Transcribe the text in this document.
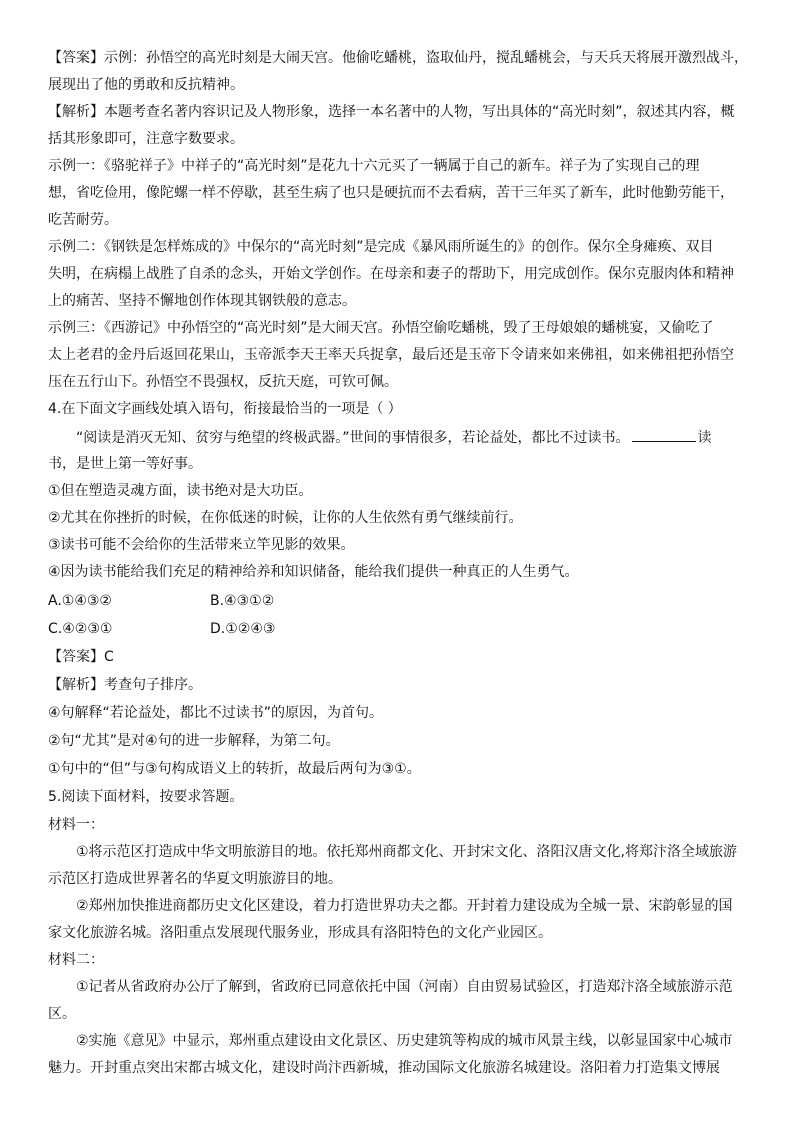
【答案】示例：孙悟空的高光时刻是大闹天宫。他偷吃蟠桃，盗取仙丹，搅乱蟠桃会，与天兵天将展开激烈战斗，
展现出了他的勇敢和反抗精神。
【解析】本题考查名著内容识记及人物形象，选择一本名著中的人物，写出具体的“高光时刻”，叙述其内容，概
括其形象即可，注意字数要求。
示例一：《骆驼祥子》中祥子的“高光时刻”是花九十六元买了一辆属于自己的新车。祥子为了实现自己的理
想，省吃俭用，像陀螺一样不停歇，甚至生病了也只是硬抗而不去看病，苦干三年买了新车，此时他勤劳能干，
吃苦耐劳。
示例二：《钢铁是怎样炼成的》中保尔的“高光时刻”是完成《暴风雨所诞生的》的创作。保尔全身瘫痪、双目
失明，在病榻上战胜了自杀的念头，开始文学创作。在母亲和妻子的帮助下，用完成创作。保尔克服肉体和精神
上的痛苦、坚持不懈地创作体现其钢铁般的意志。
示例三：《西游记》中孙悟空的“高光时刻”是大闹天宫。孙悟空偷吃蟠桃，毁了王母娘娘的蟠桃宴，又偷吃了
太上老君的金丹后返回花果山，玉帝派李天王率天兵捉拿，最后还是玉帝下令请来如来佛祖，如来佛祖把孙悟空
压在五行山下。孙悟空不畏强权，反抗天庭，可钦可佩。
4.在下面文字画线处填入语句，衔接最恰当的一项是（ ）
“阅读是消灭无知、贫穷与绝望的终极武器。”世间的事情很多，若论益处，都比不过读书。	读
书，是世上第一等好事。
①但在塑造灵魂方面，读书绝对是大功臣。
②尤其在你挫折的时候，在你低迷的时候，让你的人生依然有勇气继续前行。
③读书可能不会给你的生活带来立竿见影的效果。
④因为读书能给我们充足的精神给养和知识储备，能给我们提供一种真正的人生勇气。
A.①④③②	B.④③①②
C.④②③①	D.①②④③
【答案】C
【解析】考查句子排序。
④句解释“若论益处，都比不过读书”的原因，为首句。
②句“尤其”是对④句的进一步解释，为第二句。
①句中的“但”与③句构成语义上的转折，故最后两句为③①。
5.阅读下面材料，按要求答题。
材料一：
①将示范区打造成中华文明旅游目的地。依托郑州商都文化、开封宋文化、洛阳汉唐文化,将郑汴洛全域旅游
示范区打造成世界著名的华夏文明旅游目的地。
②郑州加快推进商都历史文化区建设，着力打造世界功夫之都。开封着力建设成为全城一景、宋韵彰显的国
家文化旅游名城。洛阳重点发展现代服务业，形成具有洛阳特色的文化产业园区。
材料二：
①记者从省政府办公厅了解到，省政府已同意依托中国（河南）自由贸易试验区，打造郑汴洛全域旅游示范
区。
②实施《意见》中显示，郑州重点建设由文化景区、历史建筑等构成的城市风景主线，以彰显国家中心城市
魅力。开封重点突出宋都古城文化，建设时尚汴西新城，推动国际文化旅游名城建设。洛阳着力打造集文博展
